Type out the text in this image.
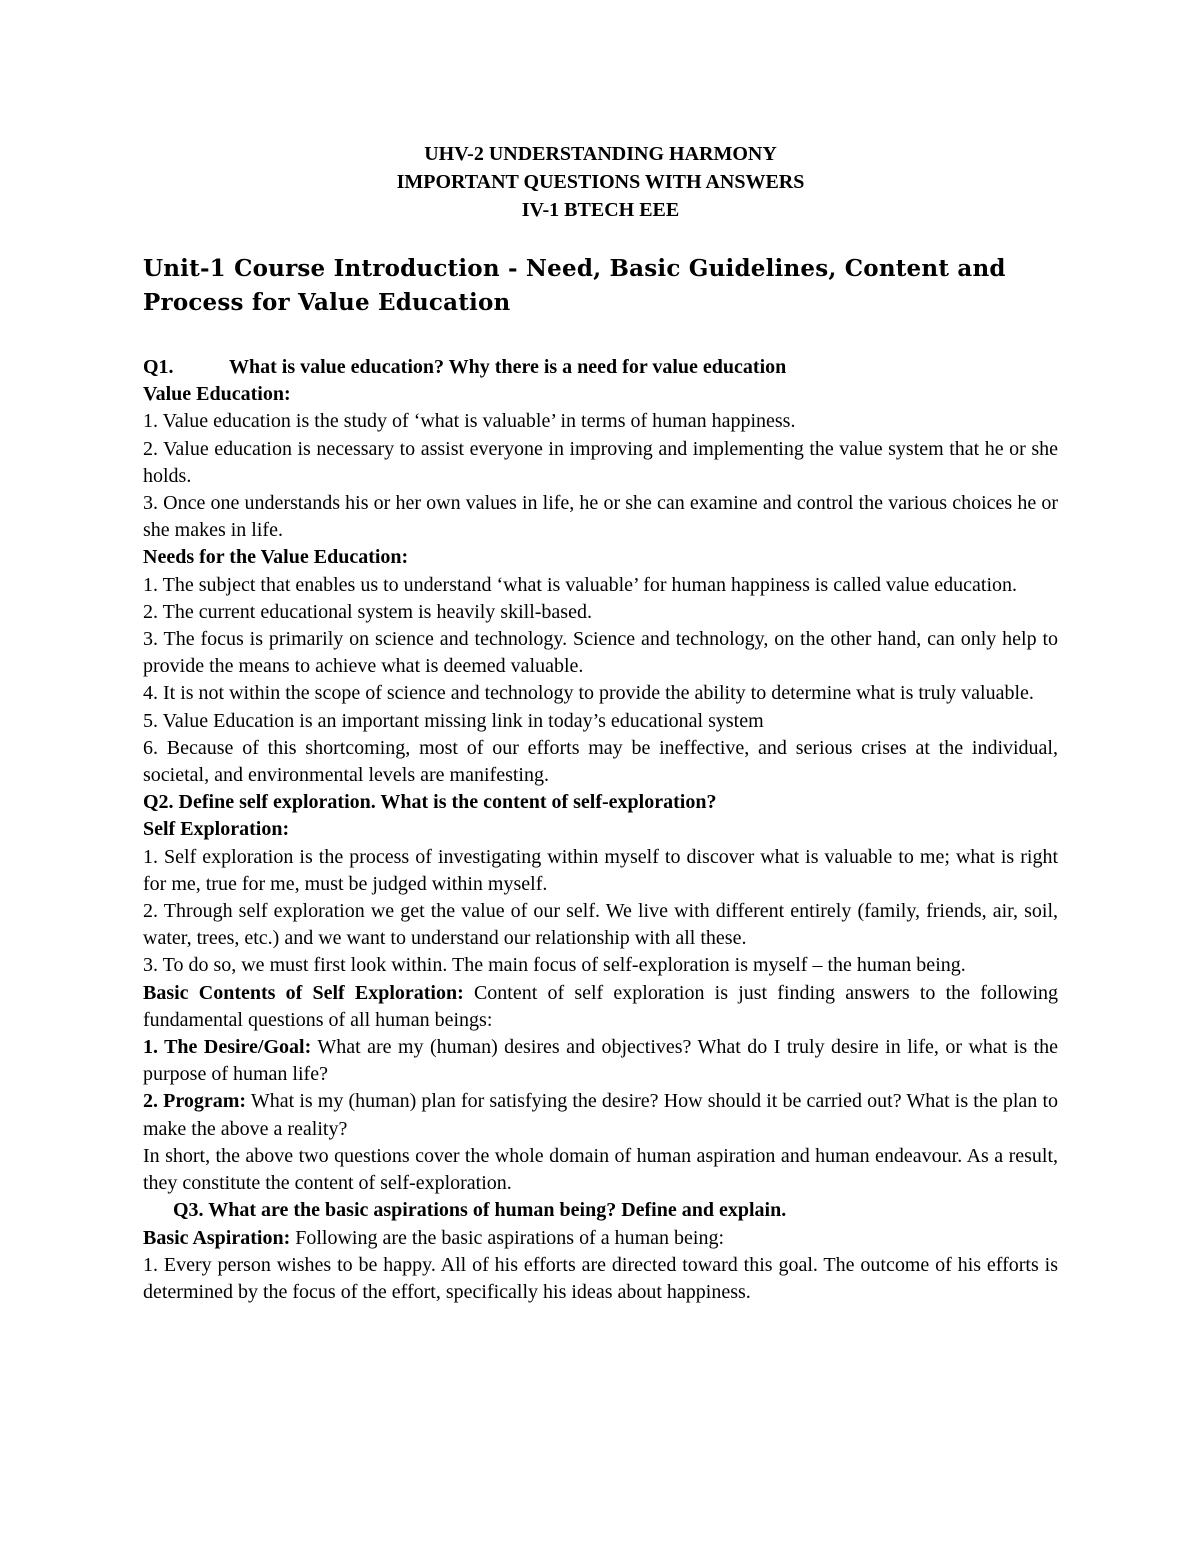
UHV-2 UNDERSTANDING HARMONY
IMPORTANT QUESTIONS WITH ANSWERS
IV-1 BTECH EEE
Unit-1 Course Introduction - Need, Basic Guidelines, Content and Process for Value Education
Q1.	What is value education? Why there is a need for value education
Value Education:
1. Value education is the study of ‘what is valuable’ in terms of human happiness.
2. Value education is necessary to assist everyone in improving and implementing the value system that he or she holds.
3. Once one understands his or her own values in life, he or she can examine and control the various choices he or she makes in life.
Needs for the Value Education:
1. The subject that enables us to understand ‘what is valuable’ for human happiness is called value education.
2. The current educational system is heavily skill-based.
3. The focus is primarily on science and technology. Science and technology, on the other hand, can only help to provide the means to achieve what is deemed valuable.
4. It is not within the scope of science and technology to provide the ability to determine what is truly valuable.
5. Value Education is an important missing link in today’s educational system
6. Because of this shortcoming, most of our efforts may be ineffective, and serious crises at the individual, societal, and environmental levels are manifesting.
Q2. Define self exploration. What is the content of self-exploration?
Self Exploration:
1. Self exploration is the process of investigating within myself to discover what is valuable to me; what is right for me, true for me, must be judged within myself.
2. Through self exploration we get the value of our self. We live with different entirely (family, friends, air, soil, water, trees, etc.) and we want to understand our relationship with all these.
3. To do so, we must first look within. The main focus of self-exploration is myself – the human being.
Basic Contents of Self Exploration: Content of self exploration is just finding answers to the following fundamental questions of all human beings:
1. The Desire/Goal: What are my (human) desires and objectives? What do I truly desire in life, or what is the purpose of human life?
2. Program: What is my (human) plan for satisfying the desire? How should it be carried out? What is the plan to make the above a reality?
In short, the above two questions cover the whole domain of human aspiration and human endeavour. As a result, they constitute the content of self-exploration.
Q3. What are the basic aspirations of human being? Define and explain.
Basic Aspiration: Following are the basic aspirations of a human being:
1. Every person wishes to be happy. All of his efforts are directed toward this goal. The outcome of his efforts is determined by the focus of the effort, specifically his ideas about happiness.
